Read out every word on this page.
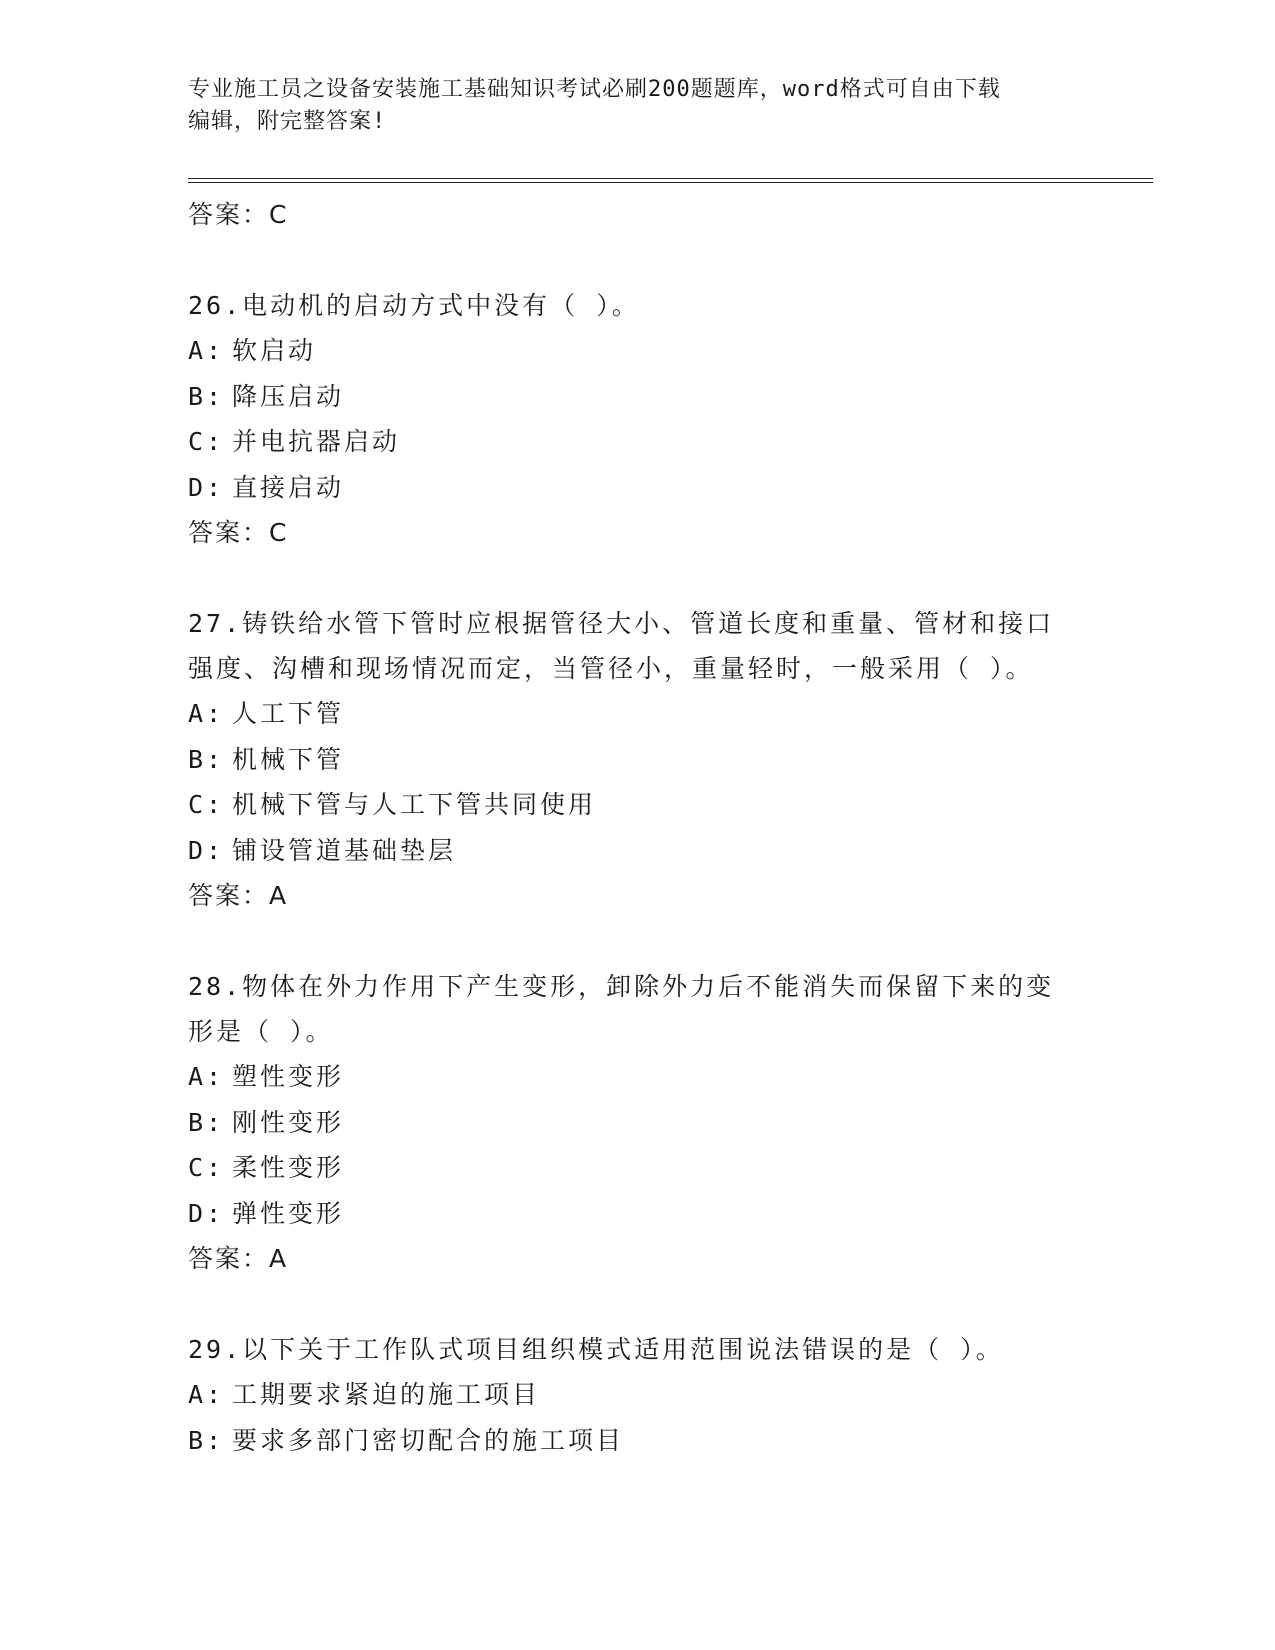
专业施工员之设备安装施工基础知识考试必刷200题题库，word格式可自由下载
编辑，附完整答案!
答案：C
26.电动机的启动方式中没有（ ）。
A: 软启动
B: 降压启动
C: 并电抗器启动
D: 直接启动
答案：C
27.铸铁给水管下管时应根据管径大小、管道长度和重量、管材和接口
强度、沟槽和现场情况而定，当管径小，重量轻时，一般采用（ ）。
A: 人工下管
B: 机械下管
C: 机械下管与人工下管共同使用
D: 铺设管道基础垫层
答案：A
28.物体在外力作用下产生变形，卸除外力后不能消失而保留下来的变
形是（ ）。
A: 塑性变形
B: 刚性变形
C: 柔性变形
D: 弹性变形
答案：A
29.以下关于工作队式项目组织模式适用范围说法错误的是（ ）。
A: 工期要求紧迫的施工项目
B: 要求多部门密切配合的施工项目
